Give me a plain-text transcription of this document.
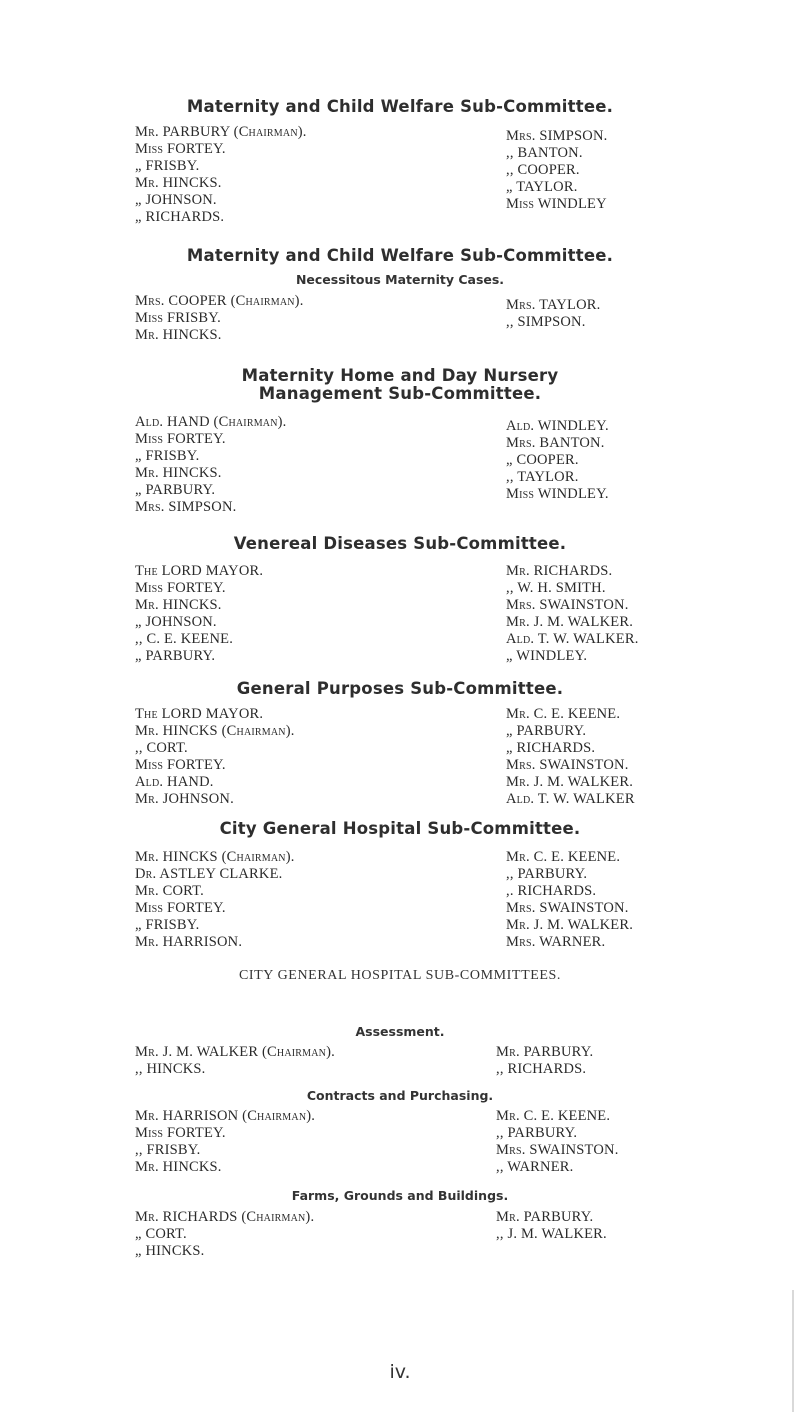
Maternity and Child Welfare Sub-Committee.
Mr. PARBURY (Chairman).
Miss FORTEY.
„ FRISBY.
Mr. HINCKS.
„ JOHNSON.
„ RICHARDS.
Mrs. SIMPSON.
,, BANTON.
,, COOPER.
„ TAYLOR.
Miss WINDLEY
Maternity and Child Welfare Sub-Committee.
Necessitous Maternity Cases.
Mrs. COOPER (Chairman).
Miss FRISBY.
Mr. HINCKS.
Mrs. TAYLOR.
,, SIMPSON.
Maternity Home and Day Nursery
Management Sub-Committee.
Ald. HAND (Chairman).
Miss FORTEY.
„ FRISBY.
Mr. HINCKS.
„ PARBURY.
Mrs. SIMPSON.
Ald. WINDLEY.
Mrs. BANTON.
„ COOPER.
,, TAYLOR.
Miss WINDLEY.
Venereal Diseases Sub-Committee.
The LORD MAYOR.
Miss FORTEY.
Mr. HINCKS.
„ JOHNSON.
,, C. E. KEENE.
„ PARBURY.
Mr. RICHARDS.
,, W. H. SMITH.
Mrs. SWAINSTON.
Mr. J. M. WALKER.
Ald. T. W. WALKER.
„ WINDLEY.
General Purposes Sub-Committee.
The LORD MAYOR.
Mr. HINCKS (Chairman).
,, CORT.
Miss FORTEY.
Ald. HAND.
Mr. JOHNSON.
Mr. C. E. KEENE.
„ PARBURY.
„ RICHARDS.
Mrs. SWAINSTON.
Mr. J. M. WALKER.
Ald. T. W. WALKER
City General Hospital Sub-Committee.
Mr. HINCKS (Chairman).
Dr. ASTLEY CLARKE.
Mr. CORT.
Miss FORTEY.
„ FRISBY.
Mr. HARRISON.
Mr. C. E. KEENE.
,, PARBURY.
,. RICHARDS.
Mrs. SWAINSTON.
Mr. J. M. WALKER.
Mrs. WARNER.
CITY GENERAL HOSPITAL SUB-COMMITTEES.
Assessment.
Mr. J. M. WALKER (Chairman).
,, HINCKS.
Mr. PARBURY.
,, RICHARDS.
Contracts and Purchasing.
Mr. HARRISON (Chairman).
Miss FORTEY.
,, FRISBY.
Mr. HINCKS.
Mr. C. E. KEENE.
,, PARBURY.
Mrs. SWAINSTON.
,, WARNER.
Farms, Grounds and Buildings.
Mr. RICHARDS (Chairman).
„ CORT.
„ HINCKS.
Mr. PARBURY.
,, J. M. WALKER.
iv.
